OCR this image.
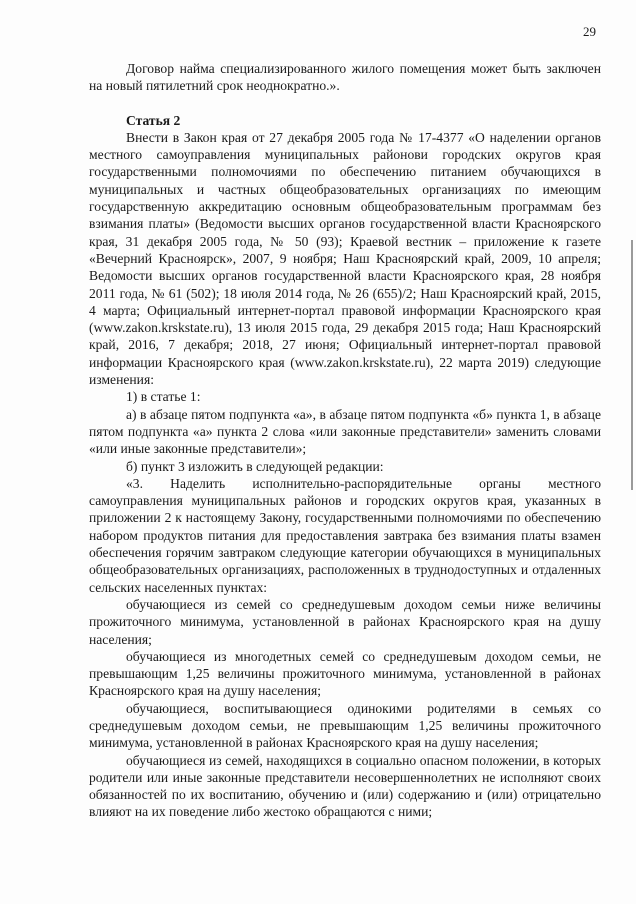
29

Договор найма специализированного жилого помещения может быть заключен на новый пятилетний срок неоднократно.».

Статья 2

Внести в Закон края от 27 декабря 2005 года № 17-4377 «О наделении органов местного самоуправления муниципальных районови городских округов края государственными полномочиями по обеспечению питанием обучающихся в муниципальных и частных общеобразовательных организациях по имеющим государственную аккредитацию основным общеобразовательным программам без взимания платы» (Ведомости высших органов государственной власти Красноярского края, 31 декабря 2005 года, № 50 (93); Краевой вестник – приложение к газете «Вечерний Красноярск», 2007, 9 ноября; Наш Красноярский край, 2009, 10 апреля; Ведомости высших органов государственной власти Красноярского края, 28 ноября 2011 года, № 61 (502); 18 июля 2014 года, № 26 (655)/2; Наш Красноярский край, 2015, 4 марта; Официальный интернет-портал правовой информации Красноярского края (www.zakon.krskstate.ru), 13 июля 2015 года, 29 декабря 2015 года; Наш Красноярский край, 2016, 7 декабря; 2018, 27 июня; Официальный интернет-портал правовой информации Красноярского края (www.zakon.krskstate.ru), 22 марта 2019) следующие изменения:

1) в статье 1:

а) в абзаце пятом подпункта «а», в абзаце пятом подпункта «б» пункта 1, в абзаце пятом подпункта «а» пункта 2 слова «или законные представители» заменить словами «или иные законные представители»;

б) пункт 3 изложить в следующей редакции:

«3. Наделить исполнительно-распорядительные органы местного самоуправления муниципальных районов и городских округов края, указанных в приложении 2 к настоящему Закону, государственными полномочиями по обеспечению набором продуктов питания для предоставления завтрака без взимания платы взамен обеспечения горячим завтраком следующие категории обучающихся в муниципальных общеобразовательных организациях, расположенных в труднодоступных и отдаленных сельских населенных пунктах:

обучающиеся из семей со среднедушевым доходом семьи ниже величины прожиточного минимума, установленной в районах Красноярского края на душу населения;

обучающиеся из многодетных семей со среднедушевым доходом семьи, не превышающим 1,25 величины прожиточного минимума, установленной в районах Красноярского края на душу населения;

обучающиеся, воспитывающиеся одинокими родителями в семьях со среднедушевым доходом семьи, не превышающим 1,25 величины прожиточного минимума, установленной в районах Красноярского края на душу населения;

обучающиеся из семей, находящихся в социально опасном положении, в которых родители или иные законные представители несовершеннолетних не исполняют своих обязанностей по их воспитанию, обучению и (или) содержанию и (или) отрицательно влияют на их поведение либо жестоко обращаются с ними;
